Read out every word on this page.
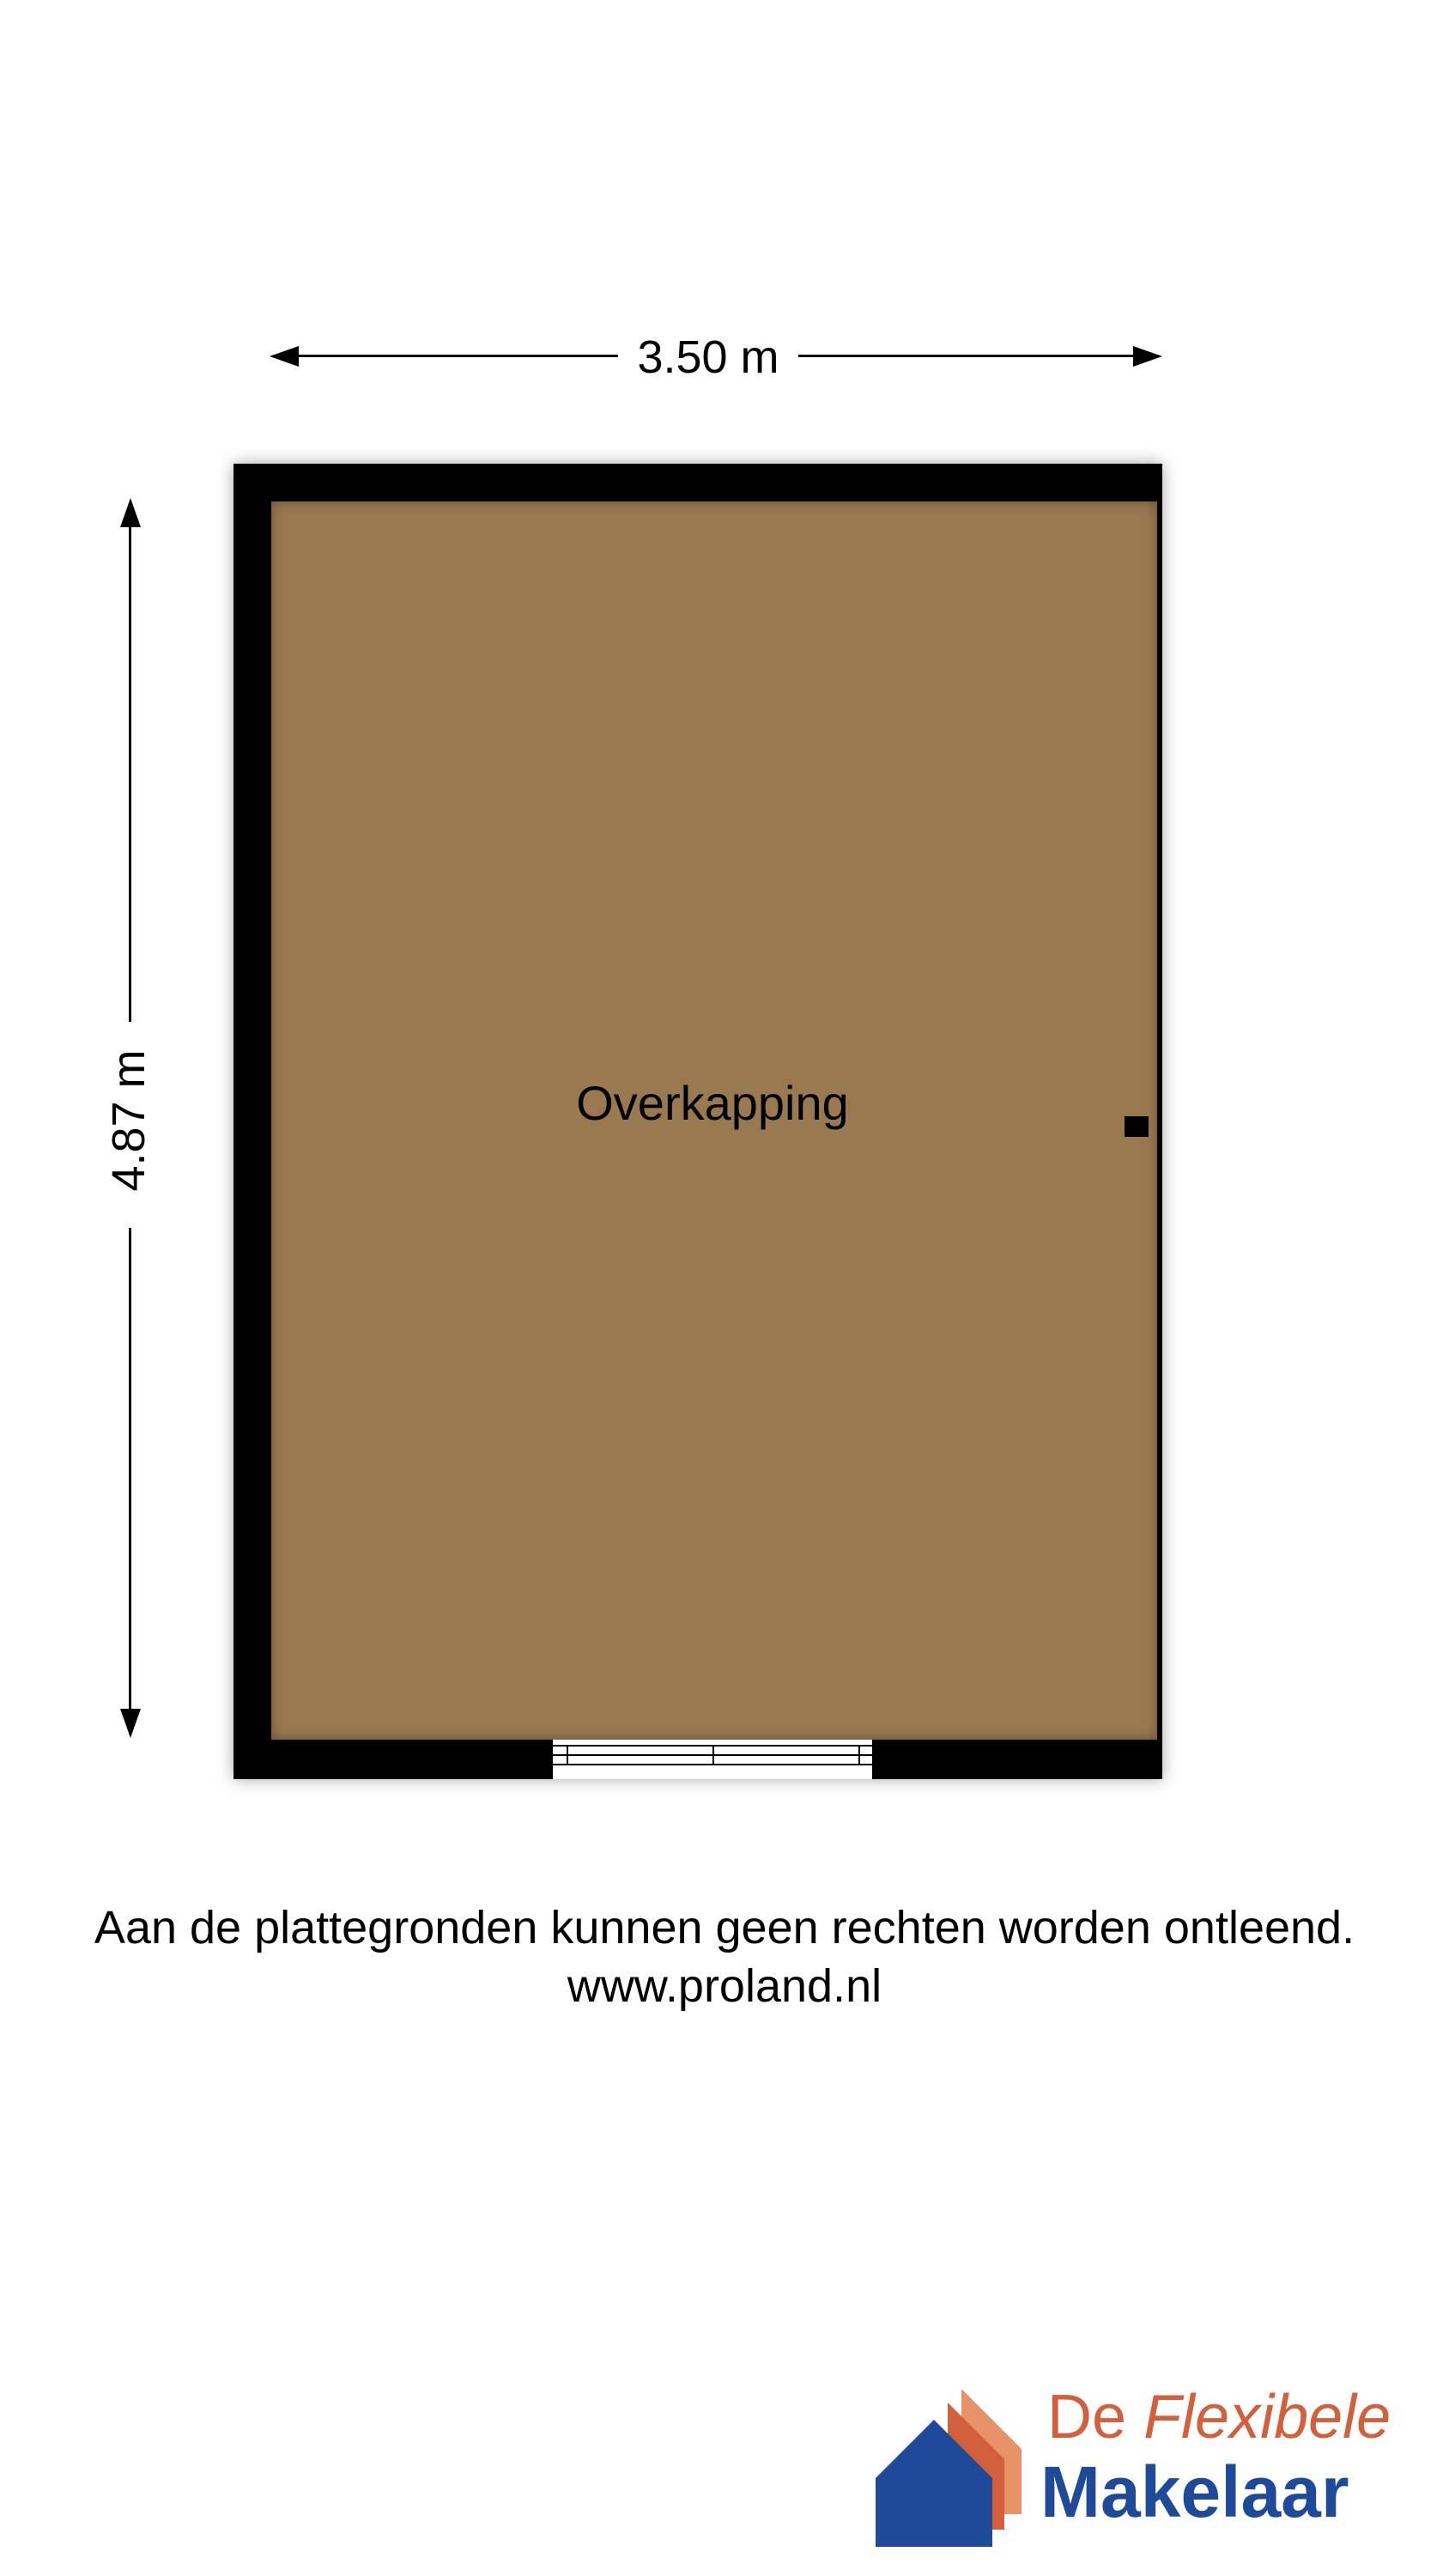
3.50 m
4.87 m	Overkapping
Aan de plattegronden kunnen geen rechten worden ontleend.
www.proland.nl
De Flexibele
Makelaar
